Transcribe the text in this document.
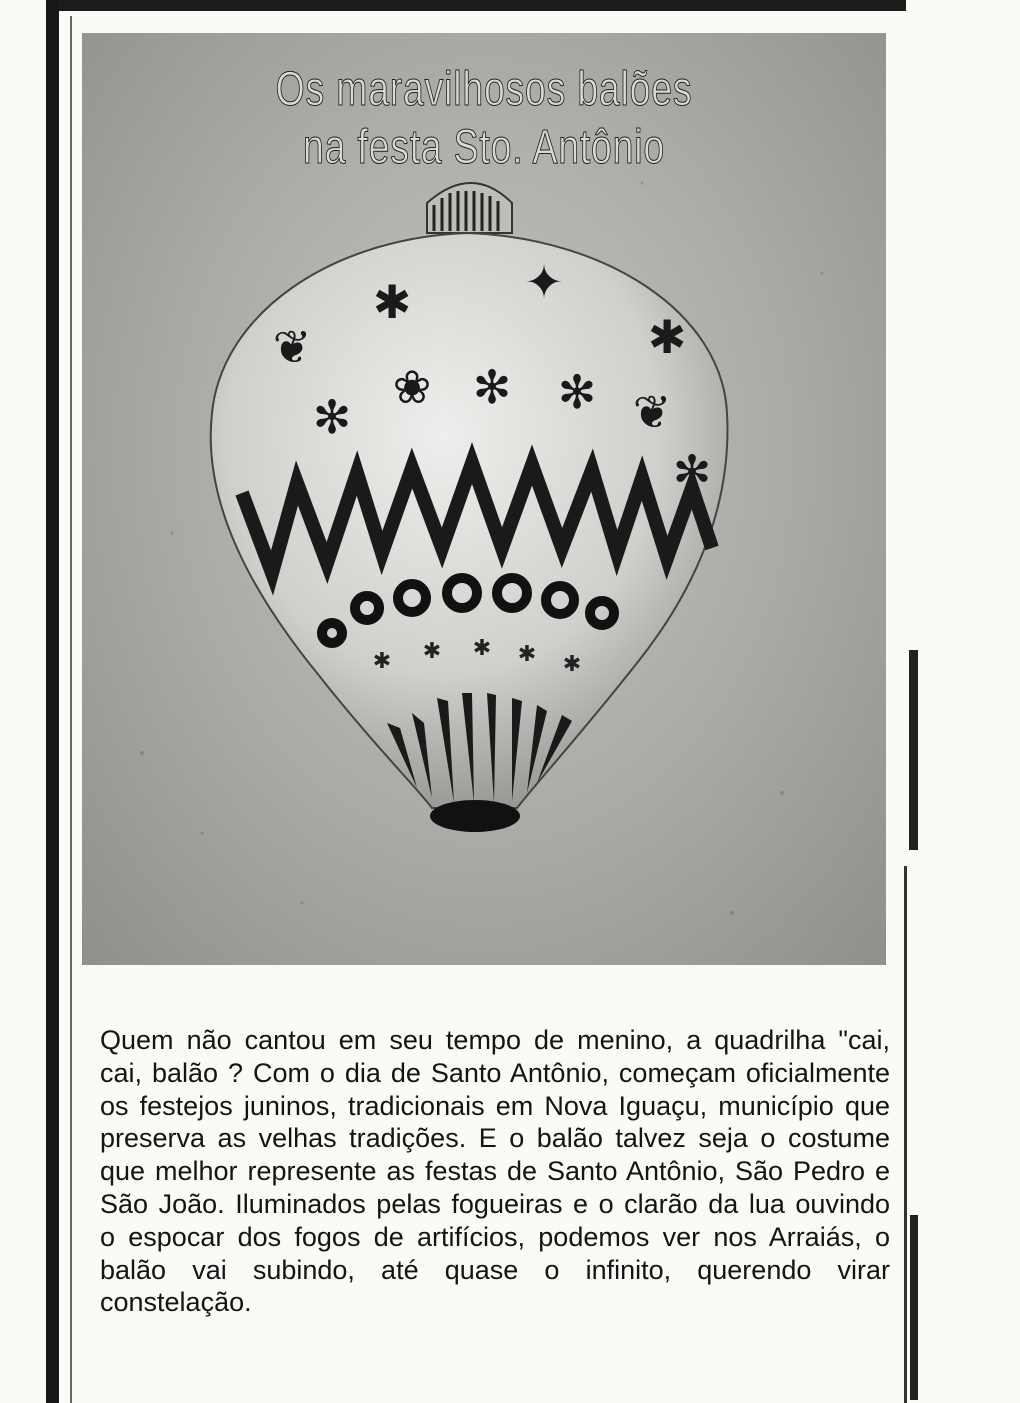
✱ ✦
✱
❦
❀ ✻ ✻ ❦
✻
✻
✱ ✱ ✱ ✱ ✱
Os maravilhosos balões
na festa Sto. Antônio

Quem não cantou em seu tempo de menino, a quadrilha "cai, cai, balão ? Com o dia de Santo Antônio, começam oficialmente os festejos juninos, tradicionais em Nova Iguaçu, município que preserva as velhas tradições. E o balão talvez seja o costume que melhor represente as festas de Santo Antônio, São Pedro e São João. Iluminados pelas fogueiras e o clarão da lua ouvindo o espocar dos fogos de artifícios, podemos ver nos Arraiás, o balão vai subindo, até quase o infinito, querendo virar constelação.
